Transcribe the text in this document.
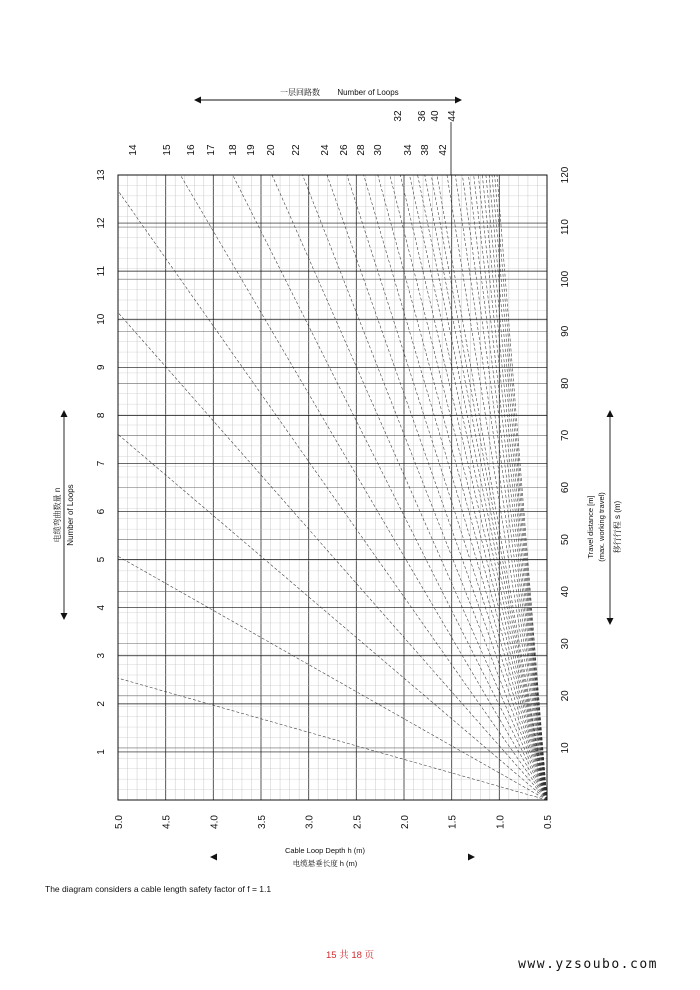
1
2
3
4
5
6
7
8
9
10
11
12
13
10
20
30
40
50
60
70
80
90
100
110
120
5.0	4.5	4.0	3.5	3.0	2.5	2.0	1.5	1.0	0.5
14 15 16 17 18 19 20 22 24 26 28 30 34 38 42
32 36 40 44
一层回路数 Number of Loops
Cable Loop Depth h (m)
电缆悬垂长度 h (m)
电缆弯曲数量 n Number of Loops	Travel distance [m] (max. working travel) 移行行程 s (m)
The diagram considers a cable length safety factor of f = 1.1
15 共 18 页
www.yzsoubo.com
